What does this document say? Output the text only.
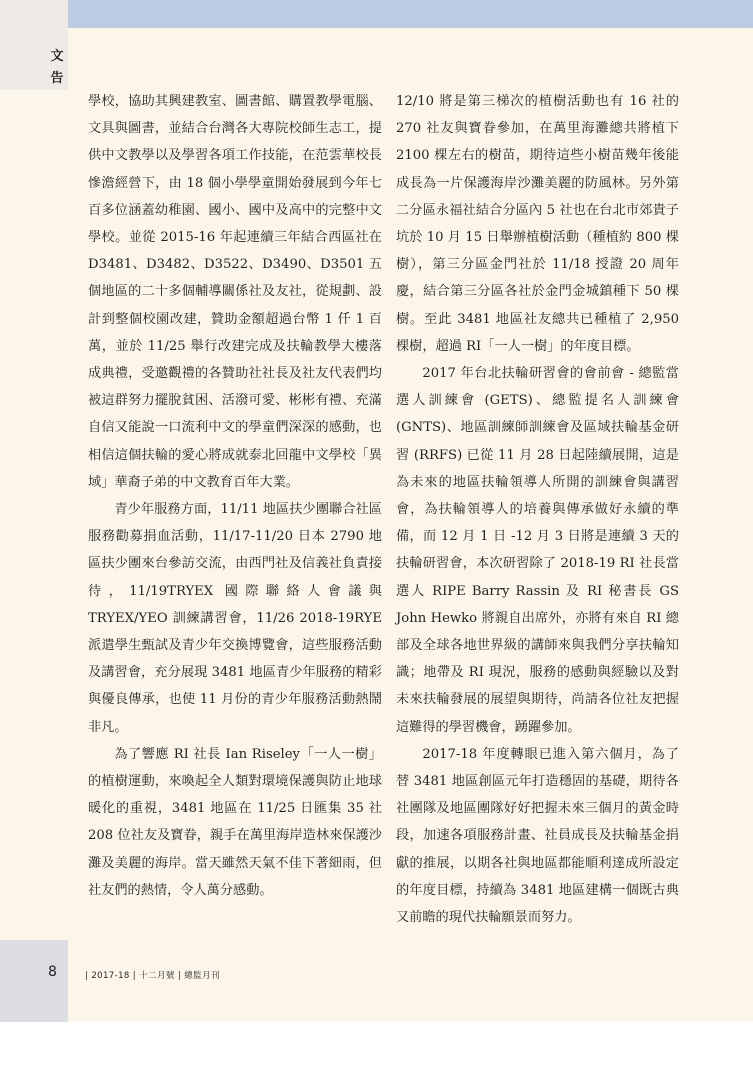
文
告

學校，協助其興建教室、圖書館、購置教學電腦、文具與圖書，並結合台灣各大專院校師生志工，提供中文教學以及學習各項工作技能，在范雲華校長慘澹經營下，由 18 個小學學童開始發展到今年七百多位涵蓋幼稚園、國小、國中及高中的完整中文學校。並從 2015-16 年起連續三年結合西區社在 D3481、D3482、D3522、D3490、D3501 五個地區的二十多個輔導關係社及友社，從規劃、設計到整個校園改建，贊助金額超過台幣 1 仟 1 百萬，並於 11/25 舉行改建完成及扶輪教學大樓落成典禮，受邀觀禮的各贊助社社長及社友代表們均被這群努力擺脫貧困、活潑可愛、彬彬有禮、充滿自信又能說一口流利中文的學童們深深的感動，也相信這個扶輪的愛心將成就泰北回龍中文學校「異域」華裔子弟的中文教育百年大業。

青少年服務方面，11/11 地區扶少團聯合社區服務勸募捐血活動，11/17-11/20 日本 2790 地區扶少團來台參訪交流，由西門社及信義社負責接待，11/19TRYEX 國際聯絡人會議與 TRYEX/YEO 訓練講習會，11/26 2018-19RYE 派遣學生甄試及青少年交換博覽會，這些服務活動及講習會，充分展現 3481 地區青少年服務的精彩與優良傳承，也使 11 月份的青少年服務活動熱鬧非凡。

為了響應 RI 社長 Ian Riseley「一人一樹」的植樹運動，來喚起全人類對環境保護與防止地球暖化的重視，3481 地區在 11/25 日匯集 35 社 208 位社友及寶眷，親手在萬里海岸造林來保護沙灘及美麗的海岸。當天雖然天氣不佳下著細雨，但社友們的熱情，令人萬分感動。

12/10 將是第三梯次的植樹活動也有 16 社的 270 社友與寶眷參加，在萬里海灘總共將植下 2100 棵左右的樹苗，期待這些小樹苗幾年後能成長為一片保護海岸沙灘美麗的防風林。另外第二分區永福社結合分區內 5 社也在台北市郊貴子坑於 10 月 15 日舉辦植樹活動（種植約 800 棵樹），第三分區金門社於 11/18 授證 20 周年慶，結合第三分區各社於金門金城鎮種下 50 棵樹。至此 3481 地區社友總共已種植了 2,950 棵樹，超過 RI「一人一樹」的年度目標。

2017 年台北扶輪研習會的會前會 - 總監當選人訓練會 (GETS)、總監提名人訓練會 (GNTS)、地區訓練師訓練會及區域扶輪基金研習 (RRFS) 已從 11 月 28 日起陸續展開，這是為未來的地區扶輪領導人所開的訓練會與講習會，為扶輪領導人的培養與傳承做好永續的準備，而 12 月 1 日 -12 月 3 日將是連續 3 天的扶輪研習會，本次研習除了 2018-19 RI 社長當選人 RIPE Barry Rassin 及 RI 秘書長 GS John Hewko 將親自出席外，亦將有來自 RI 總部及全球各地世界級的講師來與我們分享扶輪知識；地帶及 RI 現況，服務的感動與經驗以及對未來扶輪發展的展望與期待，尚請各位社友把握這難得的學習機會，踴躍參加。

2017-18 年度轉眼已進入第六個月，為了替 3481 地區創區元年打造穩固的基礎，期待各社團隊及地區團隊好好把握未來三個月的黃金時段，加速各項服務計畫、社員成長及扶輪基金捐獻的推展，以期各社與地區都能順利達成所設定的年度目標，持續為 3481 地區建構一個既古典又前瞻的現代扶輪願景而努力。

8	| 2017-18 | 十二月號 | 總監月刊
